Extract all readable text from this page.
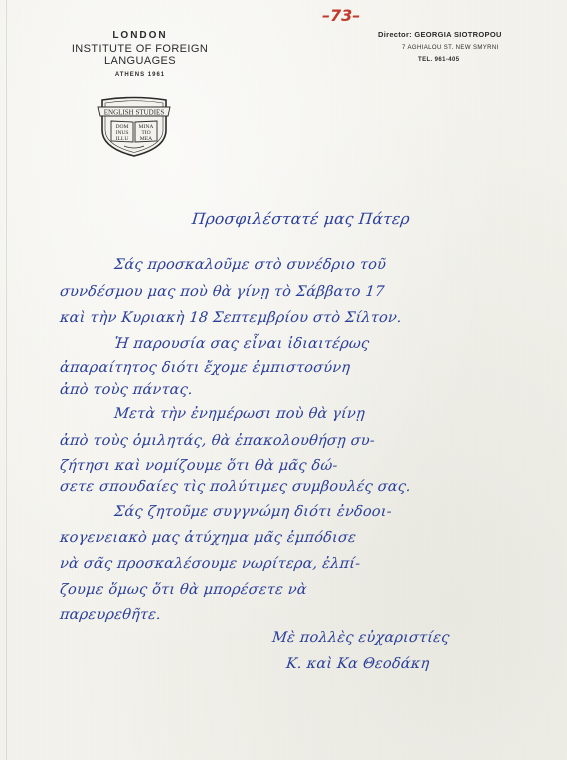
–73–
LONDON
INSTITUTE OF FOREIGN LANGUAGES
ATHENS 1961
ENGLISH STUDIES
DOM
INUS
ILLU
MINA
TIO
MEA
Director: GEORGIA SIOTROPOU
7 AGHIALOU ST. NEW SMYRNI
TEL. 961-405
Προσφιλέστατέ μας Πάτερ
Σάς προσκαλοῦμε στὸ συνέδριο τοῦ
συνδέσμου μας ποὺ θὰ γίνῃ τὸ Σάββατο 17
καὶ τὴν Κυριακὴ 18 Σεπτεμβρίου στὸ Σίλτον.
Ἡ παρουσία σας εἶναι ἰδιαιτέρως
ἀπαραίτητος διότι ἔχομε ἐμπιστοσύνη
ἀπὸ τοὺς πάντας.
Μετὰ τὴν ἐνημέρωσι ποὺ θὰ γίνῃ
ἀπὸ τοὺς ὁμιλητάς, θὰ ἐπακολουθήσῃ συ-
ζήτησι καὶ νομίζουμε ὅτι θὰ μᾶς δώ-
σετε σπουδαίες τὶς πολύτιμες συμβουλές σας.
Σάς ζητοῦμε συγγνώμη διότι ἐνδοοι-
κογενειακὸ μας ἀτύχημα μᾶς ἐμπόδισε
νὰ σᾶς προσκαλέσουμε νωρίτερα, ἐλπί-
ζουμε ὅμως ὅτι θὰ μπορέσετε νὰ
παρευρεθῆτε.
Μὲ πολλὲς εὐχαριστίες
Κ. καὶ Κα Θεοδάκη
